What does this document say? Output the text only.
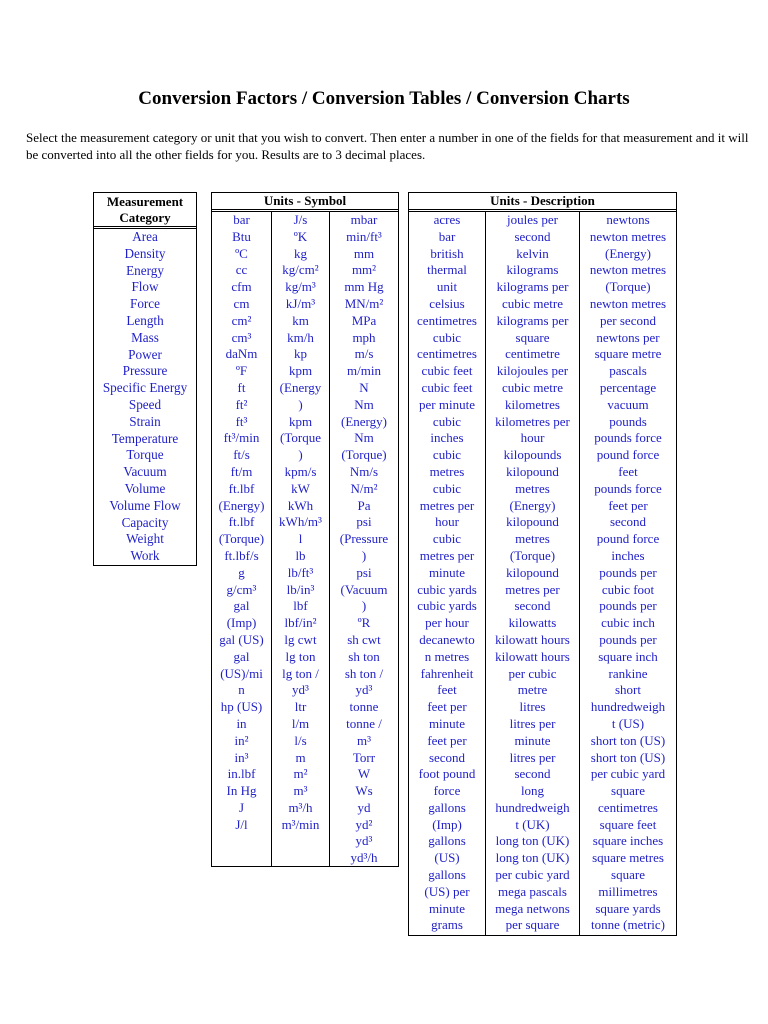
Conversion Factors / Conversion Tables / Conversion Charts
Select the measurement category or unit that you wish to convert. Then enter a number in one of the fields for that measurement and it will be converted into all the other fields for you. Results are to 3 decimal places.
Measurement Category
Area
Density
Energy
Flow
Force
Length
Mass
Power
Pressure
Specific Energy
Speed
Strain
Temperature
Torque
Vacuum
Volume
Volume Flow
Capacity
Weight
Work
Units - Symbol
bar
Btu
ºC
cc
cfm
cm
cm²
cm³
daNm
ºF
ft
ft²
ft³
ft³/min
ft/s
ft/m
ft.lbf
(Energy)
ft.lbf
(Torque)
ft.lbf/s
g
g/cm³
gal
(Imp)
gal (US)
gal
(US)/mi
n
hp (US)
in
in²
in³
in.lbf
In Hg
J
J/l
J/s
ºK
kg
kg/cm²
kg/m³
kJ/m³
km
km/h
kp
kpm
(Energy
)
kpm
(Torque
)
kpm/s
kW
kWh
kWh/m³
l
lb
lb/ft³
lb/in³
lbf
lbf/in²
lg cwt
lg ton
lg ton /
yd³
ltr
l/m
l/s
m
m²
m³
m³/h
m³/min
mbar
min/ft³
mm
mm²
mm Hg
MN/m²
MPa
mph
m/s
m/min
N
Nm
(Energy)
Nm
(Torque)
Nm/s
N/m²
Pa
psi
(Pressure
)
psi
(Vacuum
)
ºR
sh cwt
sh ton
sh ton /
yd³
tonne
tonne /
m³
Torr
W
Ws
yd
yd²
yd³
yd³/h
Units - Description
acres
bar
british
thermal
unit
celsius
centimetres
cubic
centimetres
cubic feet
cubic feet
per minute
cubic
inches
cubic
metres
cubic
metres per
hour
cubic
metres per
minute
cubic yards
cubic yards
per hour
decanewto
n metres
fahrenheit
feet
feet per
minute
feet per
second
foot pound
force
gallons
(Imp)
gallons
(US)
gallons
(US) per
minute
grams
joules per
second
kelvin
kilograms
kilograms per
cubic metre
kilograms per
square
centimetre
kilojoules per
cubic metre
kilometres
kilometres per
hour
kilopounds
kilopound
metres
(Energy)
kilopound
metres
(Torque)
kilopound
metres per
second
kilowatts
kilowatt hours
kilowatt hours
per cubic
metre
litres
litres per
minute
litres per
second
long
hundredweigh
t (UK)
long ton (UK)
long ton (UK)
per cubic yard
mega pascals
mega netwons
per square
newtons
newton metres
(Energy)
newton metres
(Torque)
newton metres
per second
newtons per
square metre
pascals
percentage
vacuum
pounds
pounds force
pound force
feet
pounds force
feet per
second
pound force
inches
pounds per
cubic foot
pounds per
cubic inch
pounds per
square inch
rankine
short
hundredweigh
t (US)
short ton (US)
short ton (US)
per cubic yard
square
centimetres
square feet
square inches
square metres
square
millimetres
square yards
tonne (metric)
